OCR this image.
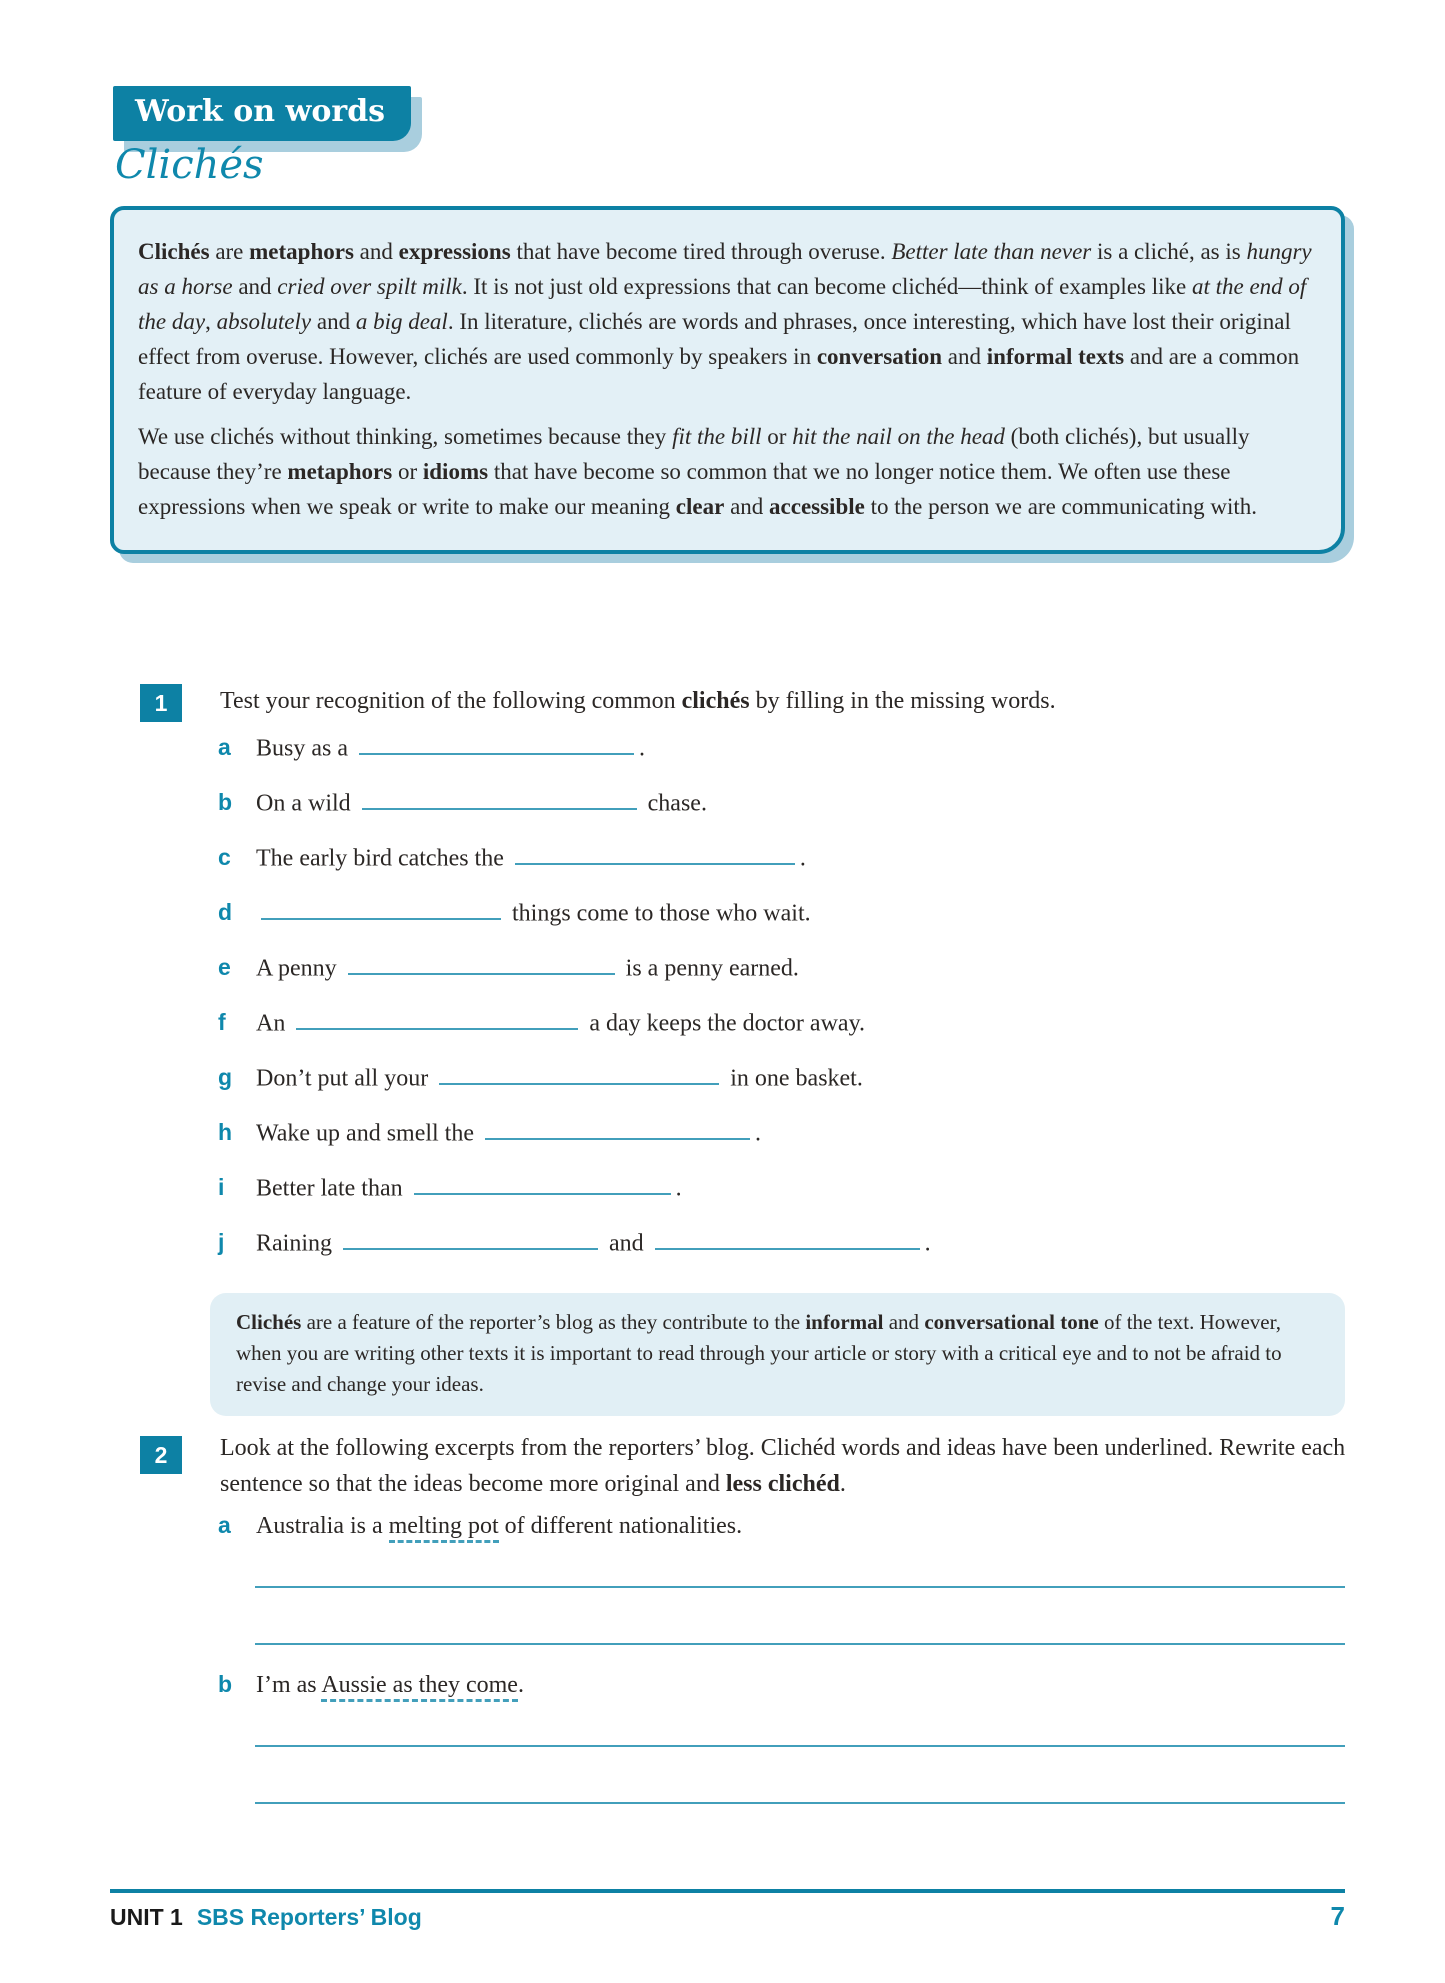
Work on words
Clichés

Clichés are metaphors and expressions that have become tired through overuse. Better late than never is a cliché, as is hungry as a horse and cried over spilt milk. It is not just old expressions that can become clichéd—think of examples like at the end of the day, absolutely and a big deal. In literature, clichés are words and phrases, once interesting, which have lost their original effect from overuse. However, clichés are used commonly by speakers in conversation and informal texts and are a common feature of everyday language.

We use clichés without thinking, sometimes because they fit the bill or hit the nail on the head (both clichés), but usually because they’re metaphors or idioms that have become so common that we no longer notice them. We often use these expressions when we speak or write to make our meaning clear and accessible to the person we are communicating with.

1	Test your recognition of the following common clichés by filling in the missing words.
a	Busy as a	.
b On a wild	chase.
c	The early bird catches the	.
d	things come to those who wait.
e	A penny	is a penny earned.
f	An	a day keeps the doctor away.
g Don’t put all your	in one basket.
h Wake up and smell the	.
i	Better late than	.
j	Raining	and	.
Clichés are a feature of the reporter’s blog as they contribute to the informal and conversational tone of the text. However, when you are writing other texts it is important to read through your article or story with a critical eye and to not be afraid to revise and change your ideas.
2	Look at the following excerpts from the reporters’ blog. Clichéd words and ideas have been underlined. Rewrite each sentence so that the ideas become more original and less clichéd.
a	Australia is a melting pot of different nationalities.
b I’m as Aussie as they come.
UNIT 1 SBS Reporters’ Blog	7
